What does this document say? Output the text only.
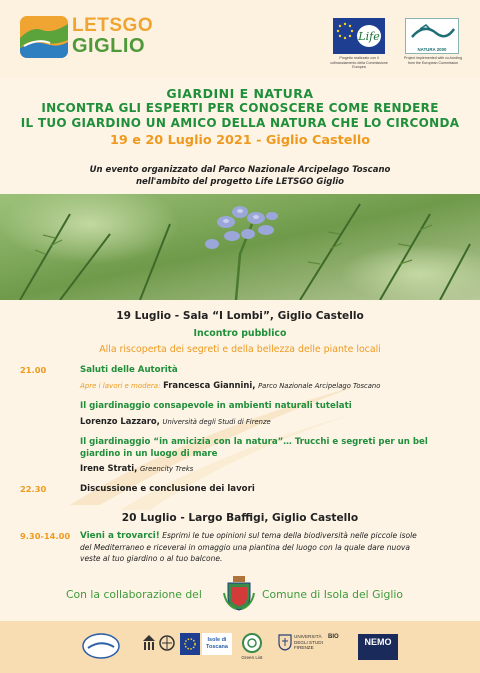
LETSGO
GIGLIO	Life
Progetto realizzato con il cofinanziamento della Commissione Europea
NATURA 2000
Project implemented with co-funding from the European Commission
GIARDINI E NATURA
INCONTRA GLI ESPERTI PER CONOSCERE COME RENDERE
IL TUO GIARDINO UN AMICO DELLA NATURA CHE LO CIRCONDA
19 e 20 Luglio 2021 - Giglio Castello
Un evento organizzato dal Parco Nazionale Arcipelago Toscano
nell'ambito del progetto Life LETSGO Giglio
19 Luglio - Sala “I Lombi”, Giglio Castello
Incontro pubblico
Alla riscoperta dei segreti e della bellezza delle piante locali
21.00	Saluti delle Autorità
Apre i lavori e modera: Francesca Giannini, Parco Nazionale Arcipelago Toscano
Il giardinaggio consapevole in ambienti naturali tutelati
Lorenzo Lazzaro, Università degli Studi di Firenze
Il giardinaggio “in amicizia con la natura”… Trucchi e segreti per un bel
giardino in un luogo di mare
Irene Strati, Greencity Treks
22.30	Discussione e conclusione dei lavori
20 Luglio - Largo Baffigi, Giglio Castello
9.30-14.00 Vieni a trovarci! Esprimi le tue opinioni sul tema della biodiversità nelle piccole isole
del Mediterraneo e riceverai in omaggio una piantina del luogo con la quale dare nuova
veste al tuo giardino o al tuo balcone.
Con la collaborazione del	Comune di Isola del Giglio
Isole di Toscana
Green List
UNIVERSITÀ DEGLI STUDI FIRENZE
BIO	NEMO
